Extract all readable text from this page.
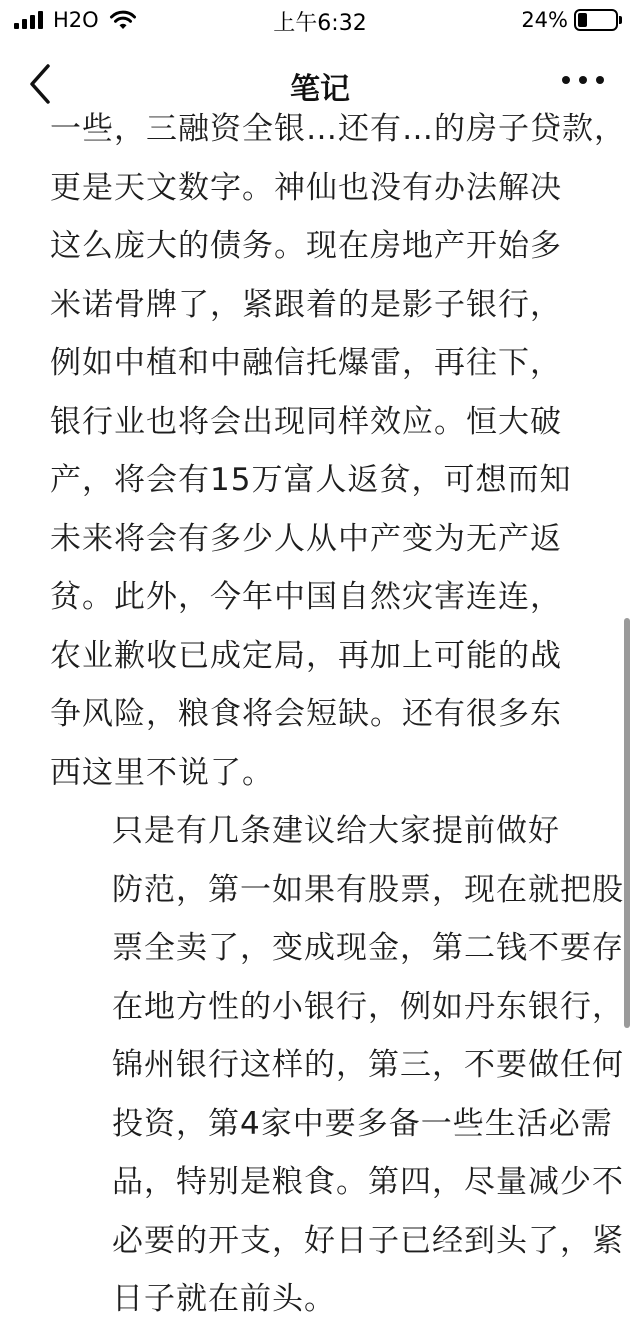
H2O	上午6:32	24%
笔记

一些，三融资全银…还有…的房子贷款，
更是天文数字。神仙也没有办法解决
这么庞大的债务。现在房地产开始多
米诺骨牌了，紧跟着的是影子银行，
例如中植和中融信托爆雷，再往下，
银行业也将会出现同样效应。恒大破
产，将会有15万富人返贫，可想而知
未来将会有多少人从中产变为无产返
贫。此外，今年中国自然灾害连连，
农业歉收已成定局，再加上可能的战
争风险，粮食将会短缺。还有很多东
西这里不说了。

只是有几条建议给大家提前做好
防范，第一如果有股票，现在就把股
票全卖了，变成现金，第二钱不要存
在地方性的小银行，例如丹东银行，
锦州银行这样的，第三，不要做任何
投资，第4家中要多备一些生活必需
品，特别是粮食。第四，尽量减少不
必要的开支，好日子已经到头了，紧
日子就在前头。
